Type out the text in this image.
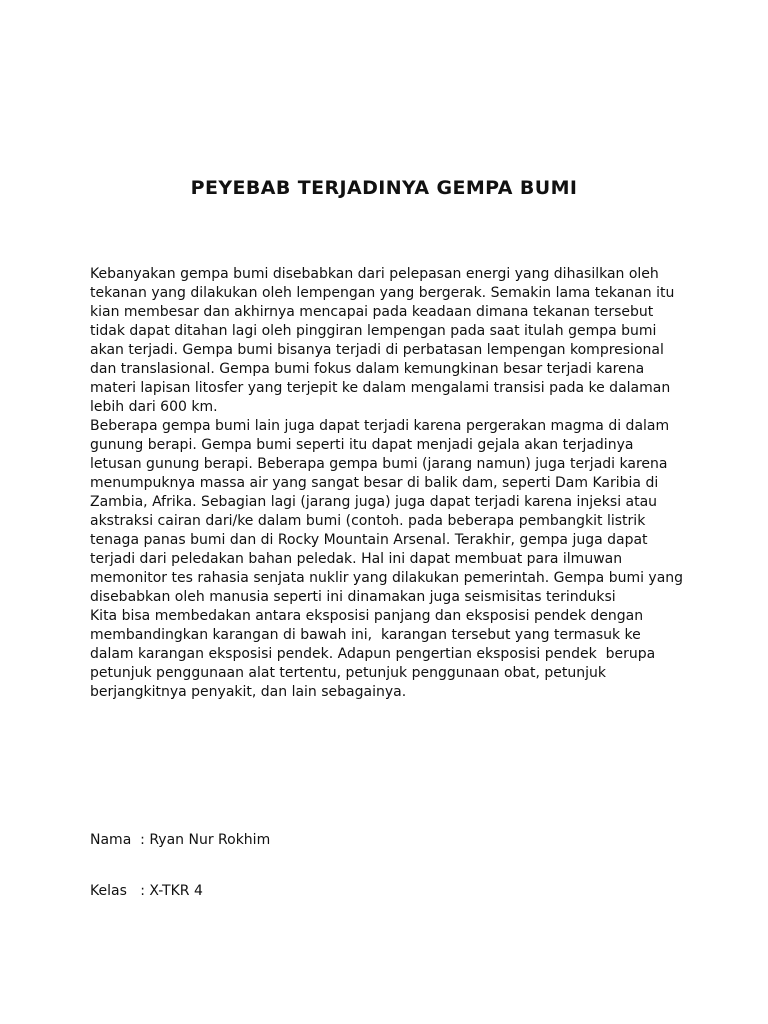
PEYEBAB TERJADINYA GEMPA BUMI

Kebanyakan gempa bumi disebabkan dari pelepasan energi yang dihasilkan oleh

tekanan yang dilakukan oleh lempengan yang bergerak. Semakin lama tekanan itu

kian membesar dan akhirnya mencapai pada keadaan dimana tekanan tersebut

tidak dapat ditahan lagi oleh pinggiran lempengan pada saat itulah gempa bumi

akan terjadi. Gempa bumi bisanya terjadi di perbatasan lempengan kompresional

dan translasional. Gempa bumi fokus dalam kemungkinan besar terjadi karena

materi lapisan litosfer yang terjepit ke dalam mengalami transisi pada ke dalaman

lebih dari 600 km.

Beberapa gempa bumi lain juga dapat terjadi karena pergerakan magma di dalam

gunung berapi. Gempa bumi seperti itu dapat menjadi gejala akan terjadinya

letusan gunung berapi. Beberapa gempa bumi (jarang namun) juga terjadi karena

menumpuknya massa air yang sangat besar di balik dam, seperti Dam Karibia di

Zambia, Afrika. Sebagian lagi (jarang juga) juga dapat terjadi karena injeksi atau

akstraksi cairan dari/ke dalam bumi (contoh. pada beberapa pembangkit listrik

tenaga panas bumi dan di Rocky Mountain Arsenal. Terakhir, gempa juga dapat

terjadi dari peledakan bahan peledak. Hal ini dapat membuat para ilmuwan

memonitor tes rahasia senjata nuklir yang dilakukan pemerintah. Gempa bumi yang

disebabkan oleh manusia seperti ini dinamakan juga seismisitas terinduksi

Kita bisa membedakan antara eksposisi panjang dan eksposisi pendek dengan

membandingkan karangan di bawah ini,  karangan tersebut yang termasuk ke

dalam karangan eksposisi pendek. Adapun pengertian eksposisi pendek  berupa

petunjuk penggunaan alat tertentu, petunjuk penggunaan obat, petunjuk

berjangkitnya penyakit, dan lain sebagainya.

Nama  : Ryan Nur Rokhim
Kelas   : X-TKR 4
